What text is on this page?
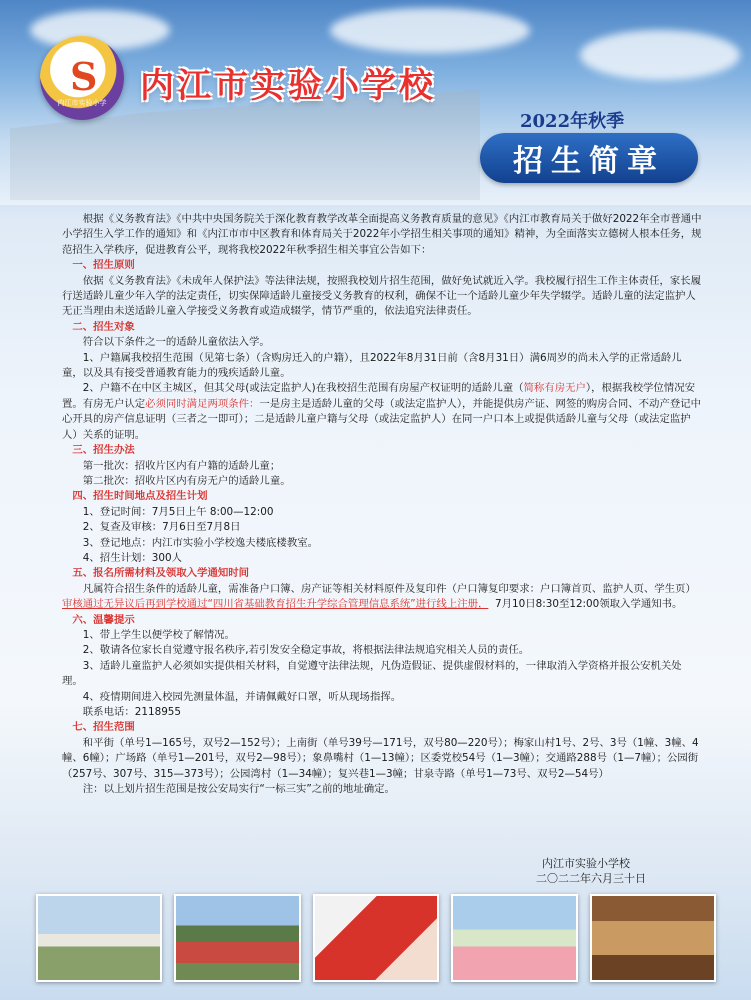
S
内江市实验小学 内江市实验小学校
2022年秋季
招生简章

根据《义务教育法》《中共中央国务院关于深化教育教学改革全面提高义务教育质量的意见》《内江市教育局关于做好2022年全市普通中小学招生入学工作的通知》和《内江市市中区教育和体育局关于2022年小学招生相关事项的通知》精神，为全面落实立德树人根本任务，规范招生入学秩序，促进教育公平，现将我校2022年秋季招生相关事宜公告如下：

一、招生原则

依据《义务教育法》《未成年人保护法》等法律法规，按照我校划片招生范围，做好免试就近入学。我校履行招生工作主体责任，家长履行送适龄儿童少年入学的法定责任，切实保障适龄儿童接受义务教育的权利，确保不让一个适龄儿童少年失学辍学。适龄儿童的法定监护人无正当理由未送适龄儿童入学接受义务教育或造成辍学，情节严重的，依法追究法律责任。

二、招生对象

符合以下条件之一的适龄儿童依法入学。

1、户籍属我校招生范围（见第七条）（含购房迁入的户籍），且2022年8月31日前（含8月31日）满6周岁的尚未入学的正常适龄儿童，以及具有接受普通教育能力的残疾适龄儿童。

2、户籍不在中区主城区，但其父母(或法定监护人)在我校招生范围有房屋产权证明的适龄儿童（简称有房无户），根据我校学位情况安置。有房无户认定必须同时满足两项条件：一是房主是适龄儿童的父母（或法定监护人），并能提供房产证、网签的购房合同、不动产登记中心开具的房产信息证明（三者之一即可）；二是适龄儿童户籍与父母（或法定监护人）在同一户口本上或提供适龄儿童与父母（或法定监护人）关系的证明。

三、招生办法

第一批次：招收片区内有户籍的适龄儿童；

第二批次：招收片区内有房无户的适龄儿童。

四、招生时间地点及招生计划

1、登记时间：7月5日上午 8:00—12:00

2、复查及审核：7月6日至7月8日

3、登记地点：内江市实验小学校逸夫楼底楼教室。

4、招生计划：300人

五、报名所需材料及领取入学通知时间

凡属符合招生条件的适龄儿童，需准备户口簿、房产证等相关材料原件及复印件（户口簿复印要求：户口簿首页、监护人页、学生页）审核通过无异议后再到学校通过“四川省基础教育招生升学综合管理信息系统”进行线上注册， 7月10日8:30至12:00领取入学通知书。

六、温馨提示

1、带上学生以便学校了解情况。

2、敬请各位家长自觉遵守报名秩序,若引发安全稳定事故，将根据法律法规追究相关人员的责任。

3、适龄儿童监护人必须如实提供相关材料，自觉遵守法律法规，凡伪造假证、提供虚假材料的，一律取消入学资格并报公安机关处理。

4、疫情期间进入校园先测量体温，并请佩戴好口罩，听从现场指挥。

联系电话：2118955

七、招生范围

和平街（单号1—165号，双号2—152号）；上南街（单号39号—171号，双号80—220号）；梅家山村1号、2号、3号（1幢、3幢、4幢、6幢）；广场路（单号1—201号，双号2—98号）；象鼻嘴村（1—13幢）；区委党校54号（1—3幢）；交通路288号（1—7幢）；公园街（257号、307号、315—373号）；公园湾村（1—34幢）；复兴巷1—3幢；甘泉寺路（单号1—73号、双号2—54号）

注：以上划片招生范围是按公安局实行“一标三实”之前的地址确定。

内江市实验小学校
二〇二二年六月三十日
